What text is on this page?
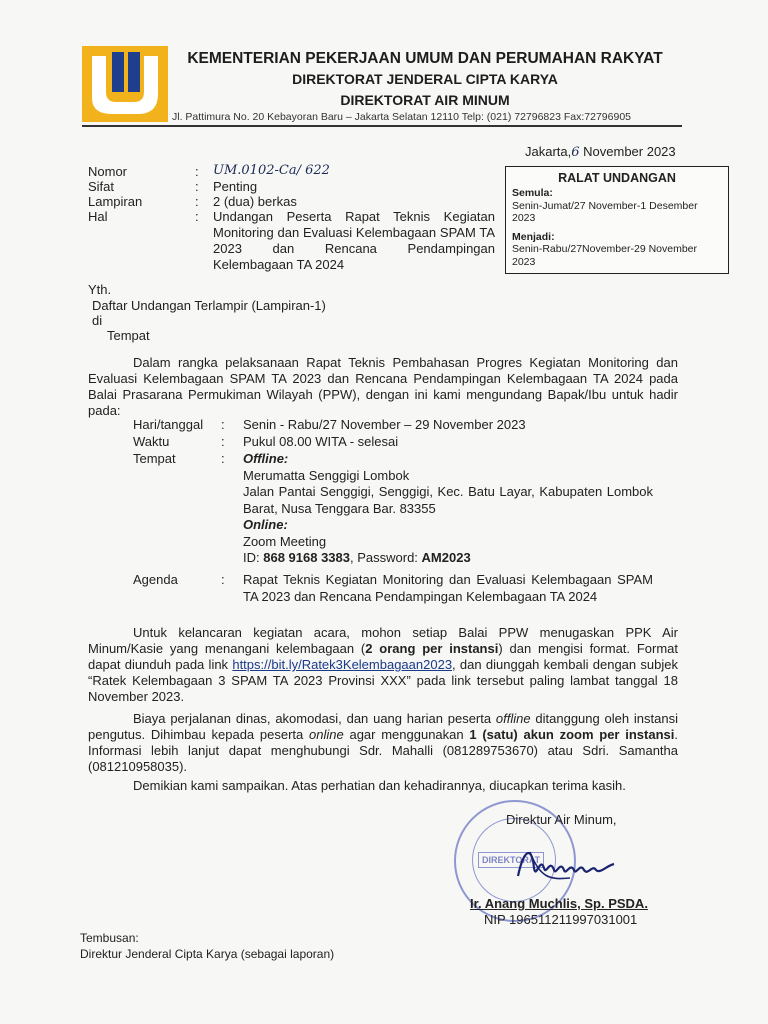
KEMENTERIAN PEKERJAAN UMUM DAN PERUMAHAN RAKYAT
DIREKTORAT JENDERAL CIPTA KARYA
DIREKTORAT AIR MINUM
Jl. Pattimura No. 20 Kebayoran Baru – Jakarta Selatan 12110 Telp: (021) 72796823 Fax:72796905
Jakarta,6 November 2023
Nomor	: UM.0102-Ca/ 622
Sifat	: Penting
Lampiran	: 2 (dua) berkas
Hal	: Undangan Peserta Rapat Teknis Kegiatan Monitoring dan Evaluasi Kelembagaan SPAM TA 2023 dan Rencana Pendampingan Kelembagaan TA 2024
RALAT UNDANGAN
Semula:
Senin-Jumat/27 November-1 Desember 2023
Menjadi:
Senin-Rabu/27November-29 November 2023
Yth.
Daftar Undangan Terlampir (Lampiran-1)
di
Tempat
Dalam rangka pelaksanaan Rapat Teknis Pembahasan Progres Kegiatan Monitoring dan Evaluasi Kelembagaan SPAM TA 2023 dan Rencana Pendampingan Kelembagaan TA 2024 pada Balai Prasarana Permukiman Wilayah (PPW), dengan ini kami mengundang Bapak/Ibu untuk hadir pada:
Hari/tanggal : Senin - Rabu/27 November – 29 November 2023
Waktu	: Pukul 08.00 WITA - selesai
Tempat	: Offline:
Merumatta Senggigi Lombok
Jalan Pantai Senggigi, Senggigi, Kec. Batu Layar, Kabupaten Lombok Barat, Nusa Tenggara Bar. 83355
Online:
Zoom Meeting
ID: 868 9168 3383, Password: AM2023
Agenda	: Rapat Teknis Kegiatan Monitoring dan Evaluasi Kelembagaan SPAM TA 2023 dan Rencana Pendampingan Kelembagaan TA 2024
Untuk kelancaran kegiatan acara, mohon setiap Balai PPW menugaskan PPK Air Minum/Kasie yang menangani kelembagaan (2 orang per instansi) dan mengisi format. Format dapat diunduh pada link https://bit.ly/Ratek3Kelembagaan2023, dan diunggah kembali dengan subjek “Ratek Kelembagaan 3 SPAM TA 2023 Provinsi XXX” pada link tersebut paling lambat tanggal 18 November 2023.
Biaya perjalanan dinas, akomodasi, dan uang harian peserta offline ditanggung oleh instansi pengutus. Dihimbau kepada peserta online agar menggunakan 1 (satu) akun zoom per instansi. Informasi lebih lanjut dapat menghubungi Sdr. Mahalli (081289753670) atau Sdri. Samantha (081210958035).
Demikian kami sampaikan. Atas perhatian dan kehadirannya, diucapkan terima kasih.
DIREKTORAT
Direktur Air Minum,
Ir. Anang Muchlis, Sp. PSDA.
NIP 196511211997031001
Tembusan:
Direktur Jenderal Cipta Karya (sebagai laporan)
